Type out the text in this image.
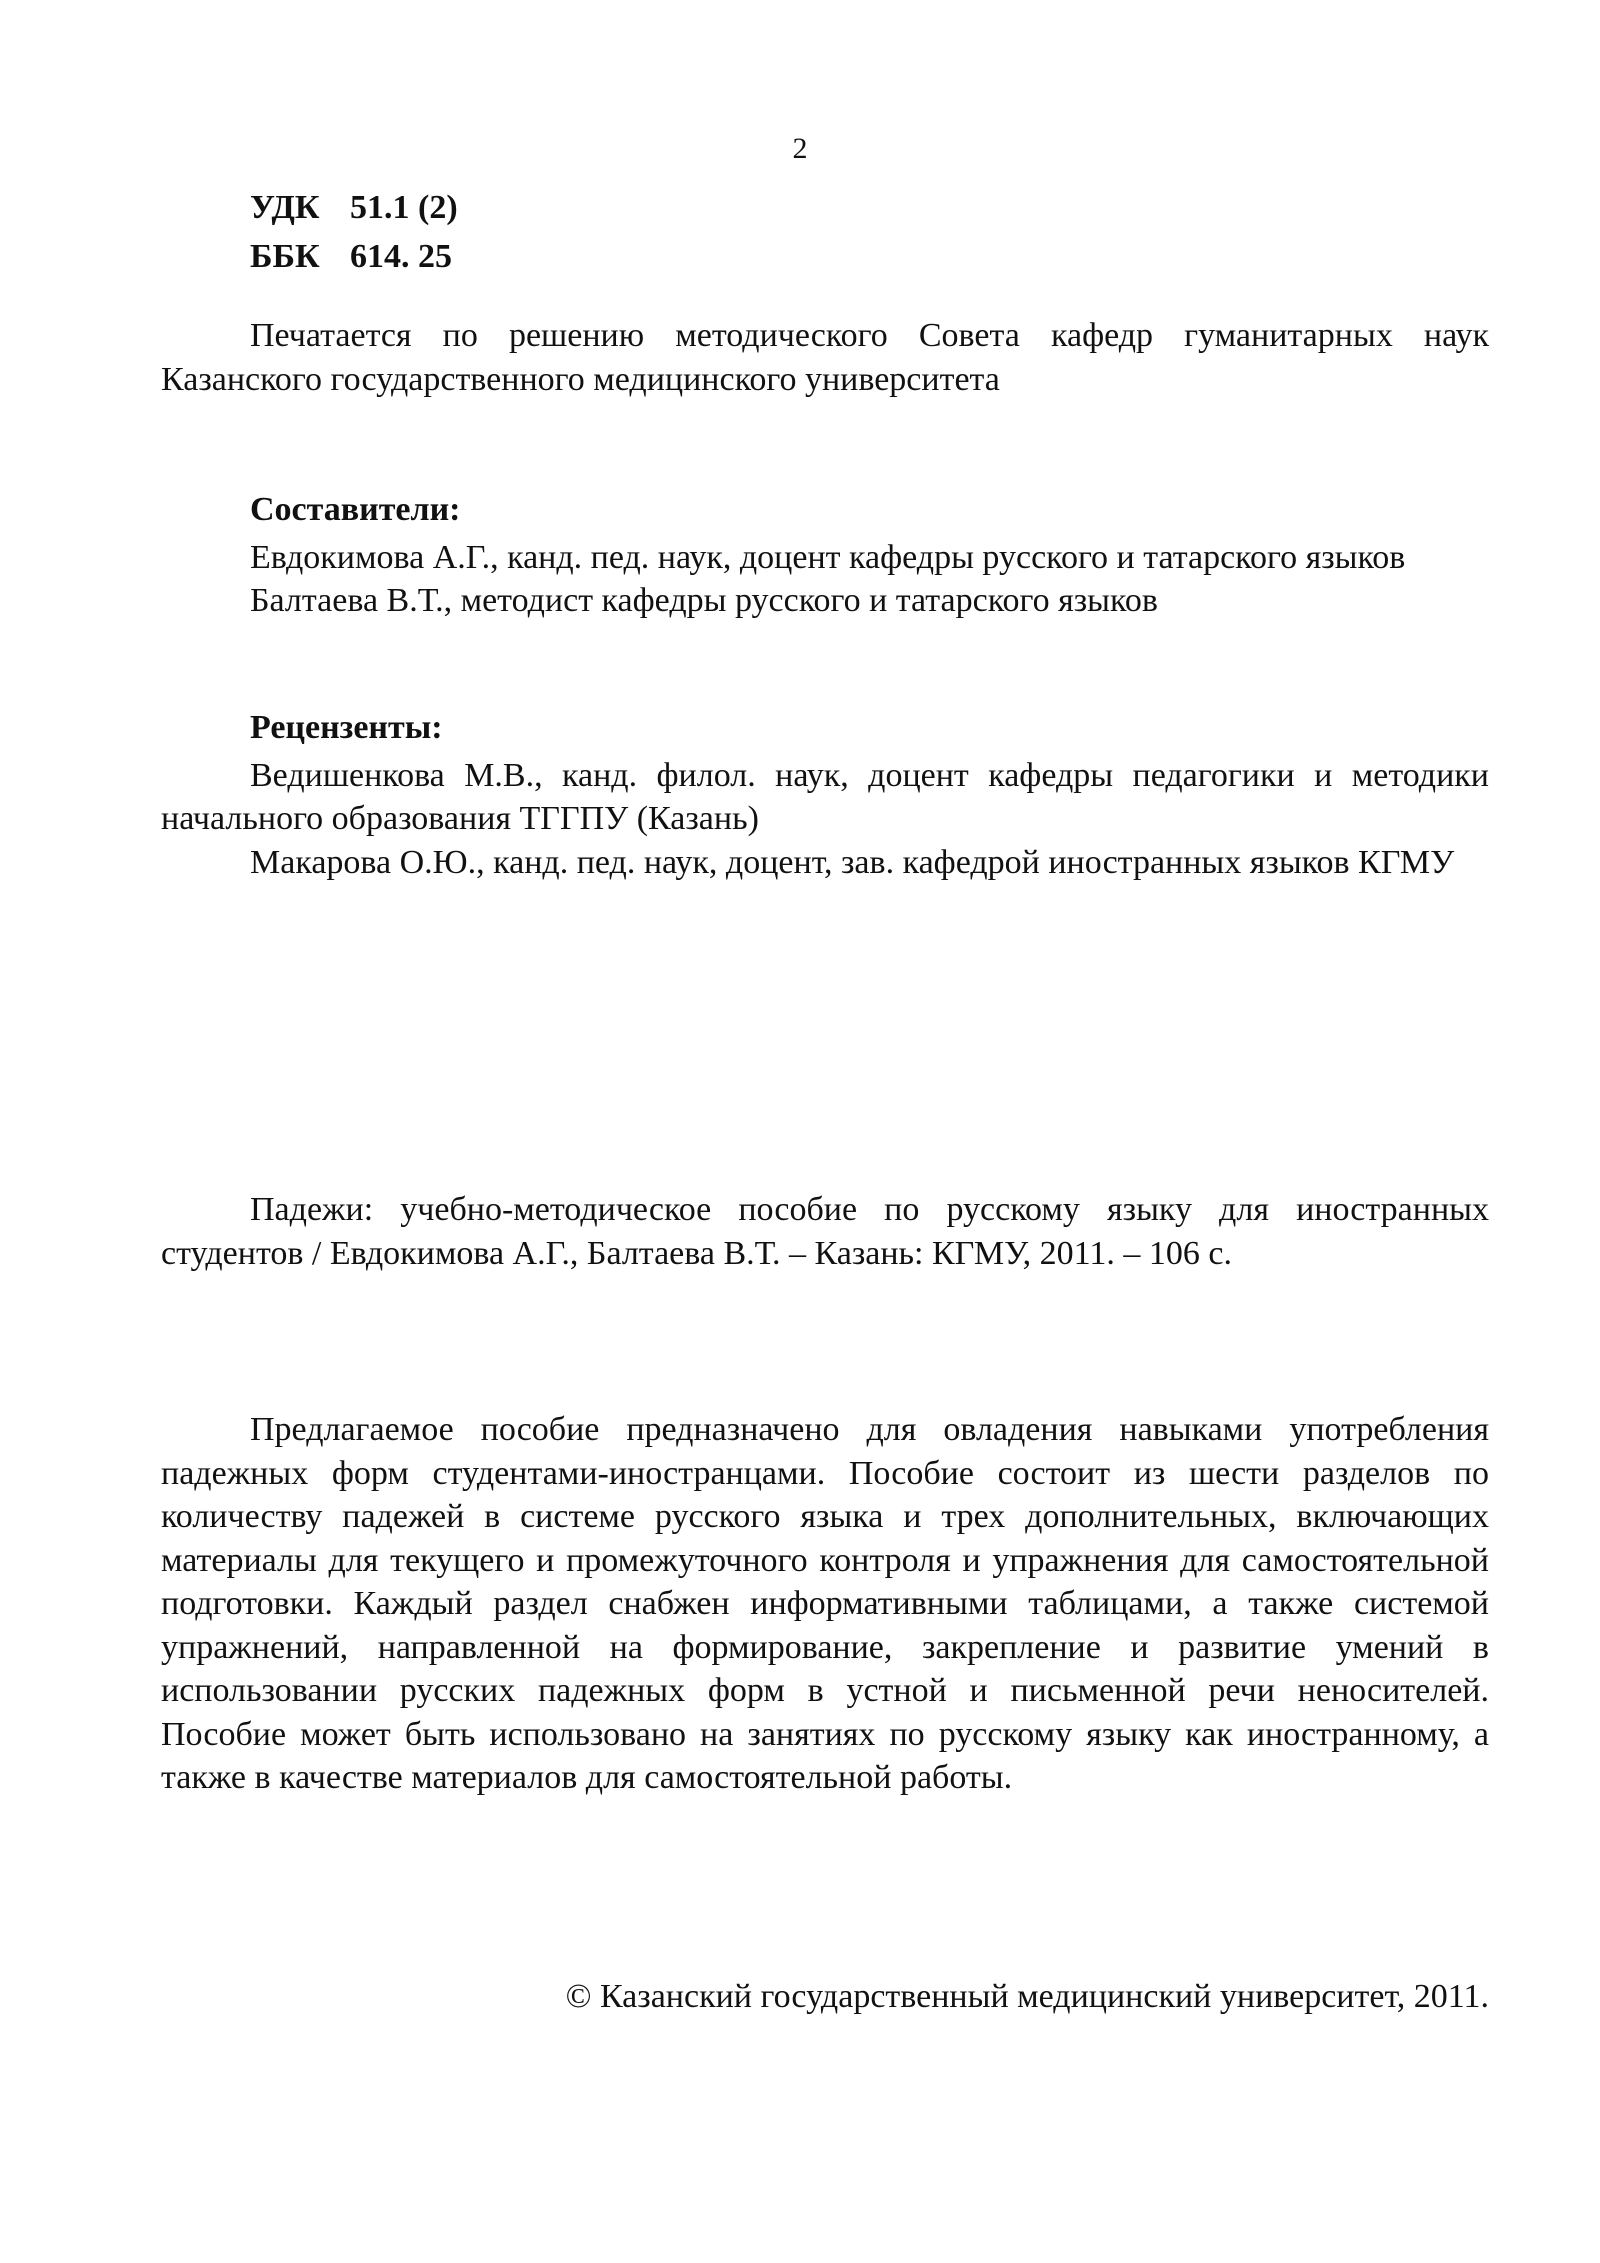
2
УДК 51.1 (2)
ББК 614. 25
Печатается по решению методического Совета кафедр гуманитарных наук Казанского государственного медицинского университета
Составители:
Евдокимова А.Г., канд. пед. наук, доцент кафедры русского и татарского языков
Балтаева В.Т., методист кафедры русского и татарского языков
Рецензенты:
Ведишенкова М.В., канд. филол. наук, доцент кафедры педагогики и методики начального образования ТГГПУ (Казань)
Макарова О.Ю., канд. пед. наук, доцент, зав. кафедрой иностранных языков КГМУ
Падежи: учебно-методическое пособие по русскому языку для иностранных студентов / Евдокимова А.Г., Балтаева В.Т. – Казань: КГМУ, 2011. – 106 с.
Предлагаемое пособие предназначено для овладения навыками употребления падежных форм студентами-иностранцами. Пособие состоит из шести разделов по количеству падежей в системе русского языка и трех дополнительных, включающих материалы для текущего и промежуточного контроля и упражнения для самостоятельной подготовки. Каждый раздел снабжен информативными таблицами, а также системой упражнений, направленной на формирование, закрепление и развитие умений в использовании русских падежных форм в устной и письменной речи неносителей. Пособие может быть использовано на занятиях по русскому языку как иностранному, а также в качестве материалов для самостоятельной работы.
© Казанский государственный медицинский университет, 2011.
